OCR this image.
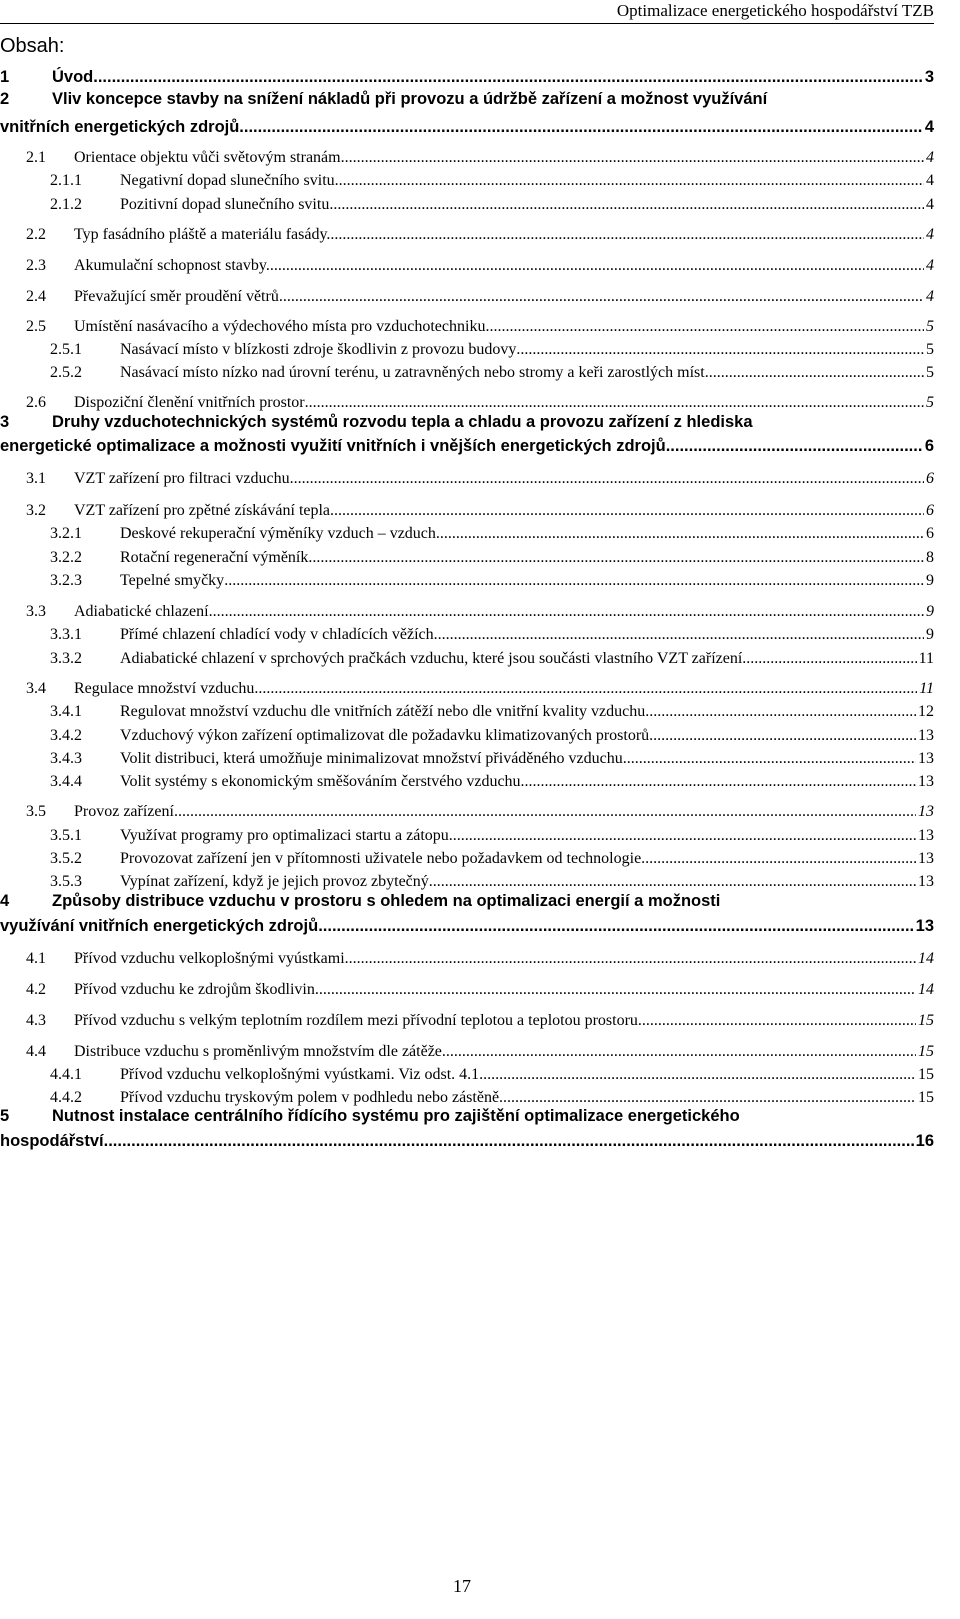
Optimalizace energetického hospodářství TZB
Obsah:
1	Úvod. .....	3
2	Vliv koncepce stavby na snížení nákladů při provozu a údržbě zařízení a možnost využívání
vnitřních energetických zdrojů. .....	4
2.1	Orientace objektu vůči světovým stranám .....	4
2.1.1	Negativní dopad slunečního svitu. .....	4
2.1.2	Pozitivní dopad slunečního svitu. .....	4
2.2	Typ fasádního pláště a materiálu fasády. .....	4
2.3	Akumulační schopnost stavby. .....	4
2.4	Převažující směr proudění větrů. .....	4
2.5	Umístění nasávacího a výdechového místa pro vzduchotechniku. .....	5
2.5.1	Nasávací místo v blízkosti zdroje škodlivin z provozu budovy .....	5
2.5.2	Nasávací místo nízko nad úrovní terénu, u zatravněných nebo stromy a keři zarostlých míst. .....	5
2.6	Dispoziční členění vnitřních prostor .....	5
3	Druhy vzduchotechnických systémů rozvodu tepla a chladu a provozu zařízení z hlediska
energetické optimalizace a možnosti využití vnitřních i vnějších energetických zdrojů. .....	6
3.1	VZT zařízení pro filtraci vzduchu. .....	6
3.2	VZT zařízení pro zpětné získávání tepla. .....	6
3.2.1	Deskové rekuperační výměníky vzduch – vzduch. .....	6
3.2.2	Rotační regenerační výměník .....	8
3.2.3	Tepelné smyčky .....	9
3.3	Adiabatické chlazení .....	9
3.3.1	Přímé chlazení chladící vody v chladících věžích .....	9
3.3.2	Adiabatické chlazení v sprchových pračkách vzduchu, které jsou součásti vlastního VZT zařízení. .....	11
3.4	Regulace množství vzduchu. .....	11
3.4.1	Regulovat množství vzduchu dle vnitřních zátěží nebo dle vnitřní kvality vzduchu. .....	12
3.4.2	Vzduchový výkon zařízení optimalizovat dle požadavku klimatizovaných prostorů. .....	13
3.4.3	Volit distribuci, která umožňuje minimalizovat množství přiváděného vzduchu. .....	13
3.4.4	Volit systémy s ekonomickým směšováním čerstvého vzduchu .....	13
3.5	Provoz zařízení .....	13
3.5.1	Využívat programy pro optimalizaci startu a zátopu. .....	13
3.5.2	Provozovat zařízení jen v přítomnosti uživatele nebo požadavkem od technologie. .....	13
3.5.3	Vypínat zařízení, když je jejich provoz zbytečný .....	13
4	Způsoby distribuce vzduchu v prostoru s ohledem na optimalizaci energií a možnosti
využívání vnitřních energetických zdrojů .....	13
4.1	Přívod vzduchu velkoplošnými vyústkami. .....	14
4.2	Přívod vzduchu ke zdrojům škodlivin. .....	14
4.3	Přívod vzduchu s velkým teplotním rozdílem mezi přívodní teplotou a teplotou prostoru. .....	15
4.4	Distribuce vzduchu s proměnlivým množstvím dle zátěže. .....	15
4.4.1	Přívod vzduchu velkoplošnými vyústkami. Viz odst. 4.1. .....	15
4.4.2	Přívod vzduchu tryskovým polem v podhledu nebo zástěně. .....	15
5	Nutnost instalace centrálního řídícího systému pro zajištění optimalizace energetického
hospodářství .....	16
17
